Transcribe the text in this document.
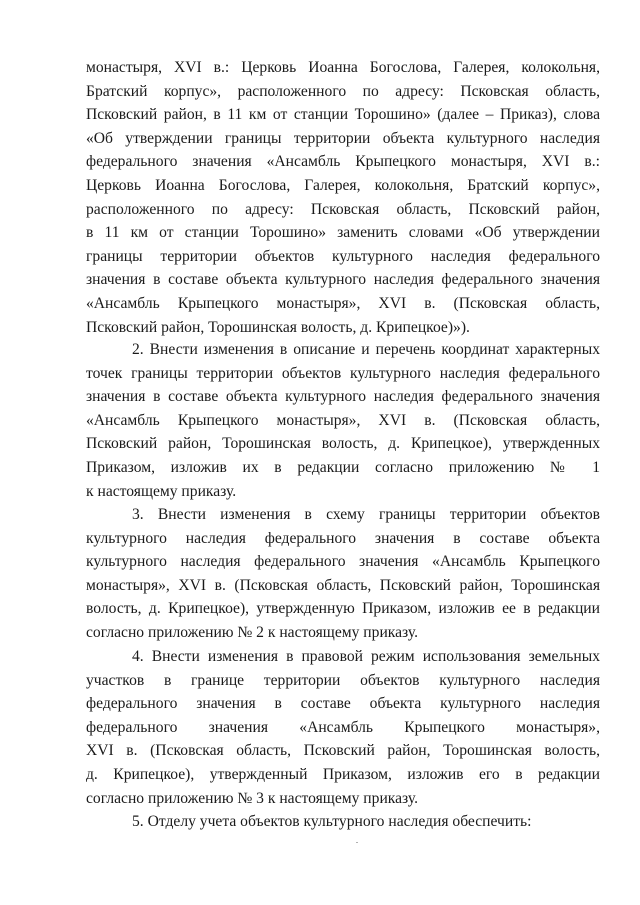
монастыря, XVI в.: Церковь Иоанна Богослова, Галерея, колокольня,
Братский корпус», расположенного по адресу: Псковская область,
Псковский район, в 11 км от станции Торошино» (далее – Приказ), слова
«Об утверждении границы территории объекта культурного наследия
федерального значения «Ансамбль Крыпецкого монастыря, XVI в.:
Церковь Иоанна Богослова, Галерея, колокольня, Братский корпус»,
расположенного по адресу: Псковская область, Псковский район,
в 11 км от станции Торошино» заменить словами «Об утверждении
границы территории объектов культурного наследия федерального
значения в составе объекта культурного наследия федерального значения
«Ансамбль Крыпецкого монастыря», XVI в. (Псковская область,
Псковский район, Торошинская волость, д. Крипецкое)»).
2. Внести изменения в описание и перечень координат характерных
точек границы территории объектов культурного наследия федерального
значения в составе объекта культурного наследия федерального значения
«Ансамбль Крыпецкого монастыря», XVI в. (Псковская область,
Псковский район, Торошинская волость, д. Крипецкое), утвержденных
Приказом, изложив их в редакции согласно приложению № 1
к настоящему приказу.
3. Внести изменения в схему границы территории объектов
культурного наследия федерального значения в составе объекта
культурного наследия федерального значения «Ансамбль Крыпецкого
монастыря», XVI в. (Псковская область, Псковский район, Торошинская
волость, д. Крипецкое), утвержденную Приказом, изложив ее в редакции
согласно приложению № 2 к настоящему приказу.
4. Внести изменения в правовой режим использования земельных
участков в границе территории объектов культурного наследия
федерального значения в составе объекта культурного наследия
федерального значения «Ансамбль Крыпецкого монастыря»,
XVI в. (Псковская область, Псковский район, Торошинская волость,
д. Крипецкое), утвержденный Приказом, изложив его в редакции
согласно приложению № 3 к настоящему приказу.
5. Отделу учета объектов культурного наследия обеспечить:
